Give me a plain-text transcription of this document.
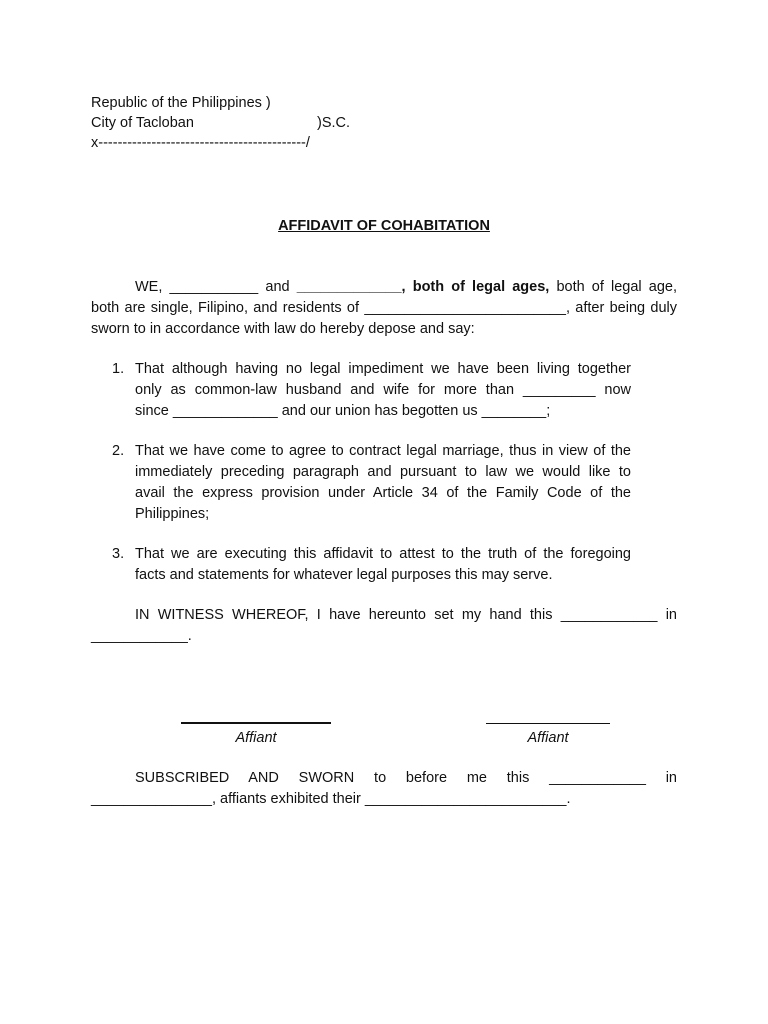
Republic of the Philippines )
City of Tacloban	)S.C.
x-------------------------------------------/
AFFIDAVIT OF COHABITATION
WE, ___________ and _____________, both of legal ages, both of legal age,
both are single, Filipino, and residents of _________________________, after being duly
sworn to in accordance with law do hereby depose and say:
1. That although having no legal impediment we have been living together
only as common-law husband and wife for more than _________ now
since _____________ and our union has begotten us ________;
2. That we have come to agree to contract legal marriage, thus in view of the
immediately preceding paragraph and pursuant to law we would like to
avail the express provision under Article 34 of the Family Code of the
Philippines;
3. That we are executing this affidavit to attest to the truth of the foregoing
facts and statements for whatever legal purposes this may serve.
IN WITNESS WHEREOF, I have hereunto set my hand this ____________ in
____________.
Affiant	Affiant
SUBSCRIBED AND SWORN to before me this ____________ in
_______________, affiants exhibited their _________________________.
